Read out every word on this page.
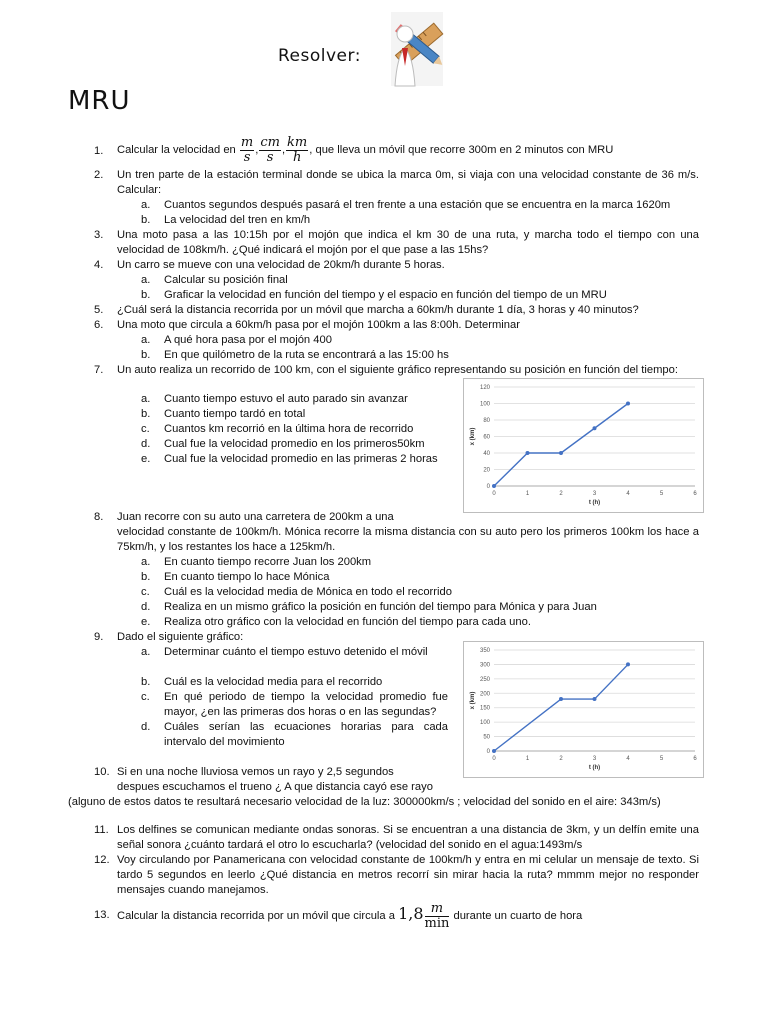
Resolver:
MRU
1.	Calcular la velocidad en $\frac{m}{s}$ , $\frac{cm}{s}$ , $\frac{km}{h}$ , que lleva un móvil que recorre 300m en 2 minutos con MRU
2.	Un tren parte de la estación terminal donde se ubica la marca 0m, si viaja con una velocidad constante de 36 m/s. Calcular:
a. Cuantos segundos después pasará el tren frente a una estación que se encuentra en la marca 1620m
b. La velocidad del tren en km/h
3.	Una moto pasa a las 10:15h por el mojón que indica el km 30 de una ruta, y marcha todo el tiempo con una velocidad de 108km/h. ¿Qué indicará el mojón por el que pase a las 15hs?
4.	Un carro se mueve con una velocidad de 20km/h durante 5 horas.
a. Calcular su posición final
b. Graficar la velocidad en función del tiempo y el espacio en función del tiempo de un MRU
5.	¿Cuál será la distancia recorrida por un móvil que marcha a 60km/h durante 1 día, 3 horas y 40 minutos?
6.	Una moto que circula a 60km/h pasa por el mojón 100km a las 8:00h. Determinar
a. A qué hora pasa por el mojón 400
b. En que quilómetro de la ruta se encontrará a las 15:00 hs
7.	Un auto realiza un recorrido de 100 km, con el siguiente gráfico representando su posición en función del tiempo:
a. Cuanto tiempo estuvo el auto parado sin avanzar
b. Cuanto tiempo tardó en total
c. Cuantos km recorrió en la última hora de recorrido
d. Cual fue la velocidad promedio en los primeros50km
e. Cual fue la velocidad promedio en las primeras 2 horas
0
20
40
60
80
100
120
0	1	2	3	4	5	6
t (h)
x (km)
8.	Juan recorre con su auto una carretera de 200km a una
velocidad constante de 100km/h. Mónica recorre la misma distancia con su auto pero los primeros 100km los hace a 75km/h, y los restantes los hace a 125km/h.
a. En cuanto tiempo recorre Juan los 200km
b. En cuanto tiempo lo hace Mónica
c. Cuál es la velocidad media de Mónica en todo el recorrido
d. Realiza en un mismo gráfico la posición en función del tiempo para Mónica y para Juan
e. Realiza otro gráfico con la velocidad en función del tiempo para cada uno.
9.	Dado el siguiente gráfico:
a. Determinar cuánto el tiempo estuvo detenido el móvil
b. Cuál es la velocidad media para el recorrido
c. En qué periodo de tiempo la velocidad promedio fue mayor, ¿en las primeras dos horas o en las segundas?
d. Cuáles serían las ecuaciones horarias para cada intervalo del movimiento
0
50
100
150
200
250
300
350
0	1	2	3	4	5	6
t (h)
x (km)
10. Si en una noche lluviosa vemos un rayo y 2,5 segundos
despues escuchamos el trueno ¿ A que distancia cayó ese rayo
(alguno de estos datos te resultará necesario velocidad de la luz: 300000km/s ; velocidad del sonido en el aire: 343m/s)
11. Los delfines se comunican mediante ondas sonoras. Si se encuentran a una distancia de 3km, y un delfín emite una señal sonora ¿cuánto tardará el otro lo escucharla? (velocidad del sonido en el agua:1493m/s
12. Voy circulando por Panamericana con velocidad constante de 100km/h y entra en mi celular un mensaje de texto. Si tardo 5 segundos en leerlo ¿Qué distancia en metros recorrí sin mirar hacia la ruta? mmmm mejor no responder mensajes cuando manejamos.
13. Calcular la distancia recorrida por un móvil que circula a $1,8 \frac{m}{\min}$ durante un cuarto de hora
